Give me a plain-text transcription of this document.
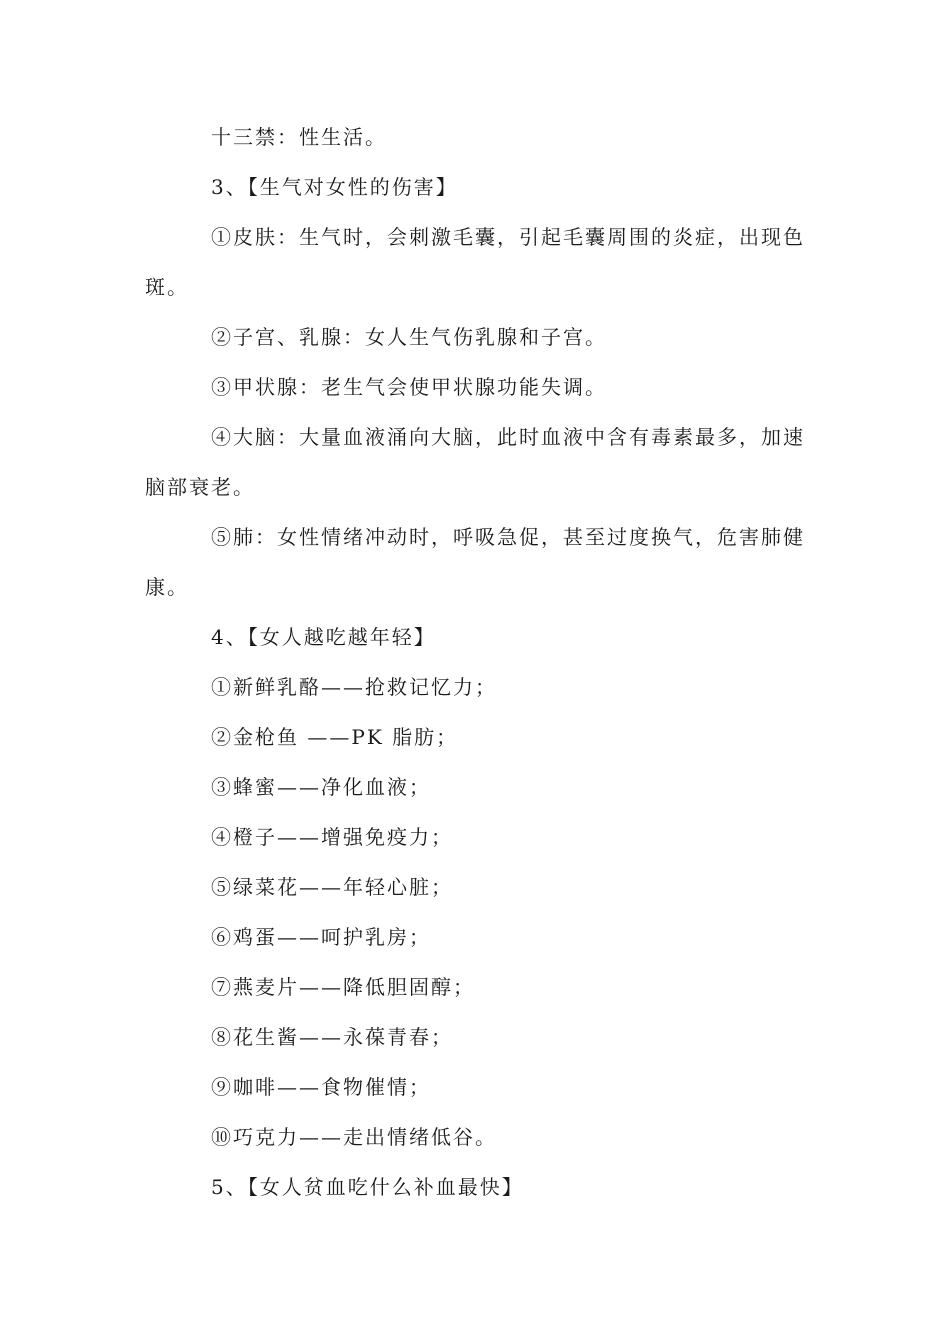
十三禁：性生活。
3、【生气对女性的伤害】
①皮肤：生气时，会刺激毛囊，引起毛囊周围的炎症，出现色
斑。
②子宫、乳腺：女人生气伤乳腺和子宫。
③甲状腺：老生气会使甲状腺功能失调。
④大脑：大量血液涌向大脑，此时血液中含有毒素最多，加速
脑部衰老。
⑤肺：女性情绪冲动时，呼吸急促，甚至过度换气，危害肺健
康。
4、【女人越吃越年轻】
①新鲜乳酪——抢救记忆力；
②金枪鱼 ——PK 脂肪；
③蜂蜜——净化血液；
④橙子——增强免疫力；
⑤绿菜花——年轻心脏；
⑥鸡蛋——呵护乳房；
⑦燕麦片——降低胆固醇；
⑧花生酱——永葆青春；
⑨咖啡——食物催情；
⑩巧克力——走出情绪低谷。
5、【女人贫血吃什么补血最快】
